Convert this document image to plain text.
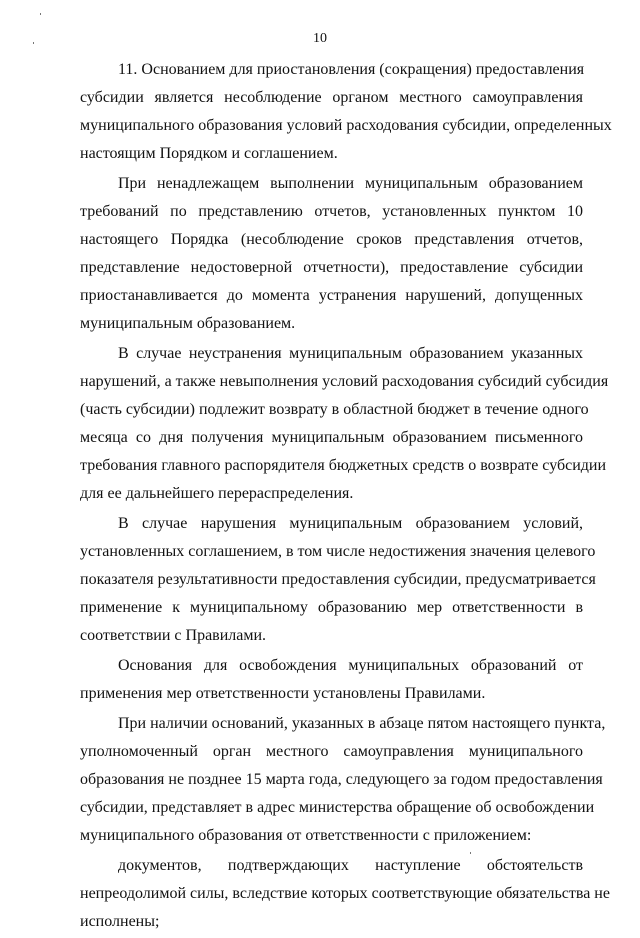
10
11. Основанием для приостановления (сокращения) предоставления
субсидии является несоблюдение органом местного самоуправления
муниципального образования условий расходования субсидии, определенных
настоящим Порядком и соглашением.
При ненадлежащем выполнении муниципальным образованием
требований по представлению отчетов, установленных пунктом 10
настоящего Порядка (несоблюдение сроков представления отчетов,
представление недостоверной отчетности), предоставление субсидии
приостанавливается до момента устранения нарушений, допущенных
муниципальным образованием.
В случае неустранения муниципальным образованием указанных
нарушений, а также невыполнения условий расходования субсидий субсидия
(часть субсидии) подлежит возврату в областной бюджет в течение одного
месяца со дня получения муниципальным образованием письменного
требования главного распорядителя бюджетных средств о возврате субсидии
для ее дальнейшего перераспределения.
В случае нарушения муниципальным образованием условий,
установленных соглашением, в том числе недостижения значения целевого
показателя результативности предоставления субсидии, предусматривается
применение к муниципальному образованию мер ответственности в
соответствии с Правилами.
Основания для освобождения муниципальных образований от
применения мер ответственности установлены Правилами.
При наличии оснований, указанных в абзаце пятом настоящего пункта,
уполномоченный орган местного самоуправления муниципального
образования не позднее 15 марта года, следующего за годом предоставления
субсидии, представляет в адрес министерства обращение об освобождении
муниципального образования от ответственности с приложением:
документов, подтверждающих наступление обстоятельств
непреодолимой силы, вследствие которых соответствующие обязательства не
исполнены;
